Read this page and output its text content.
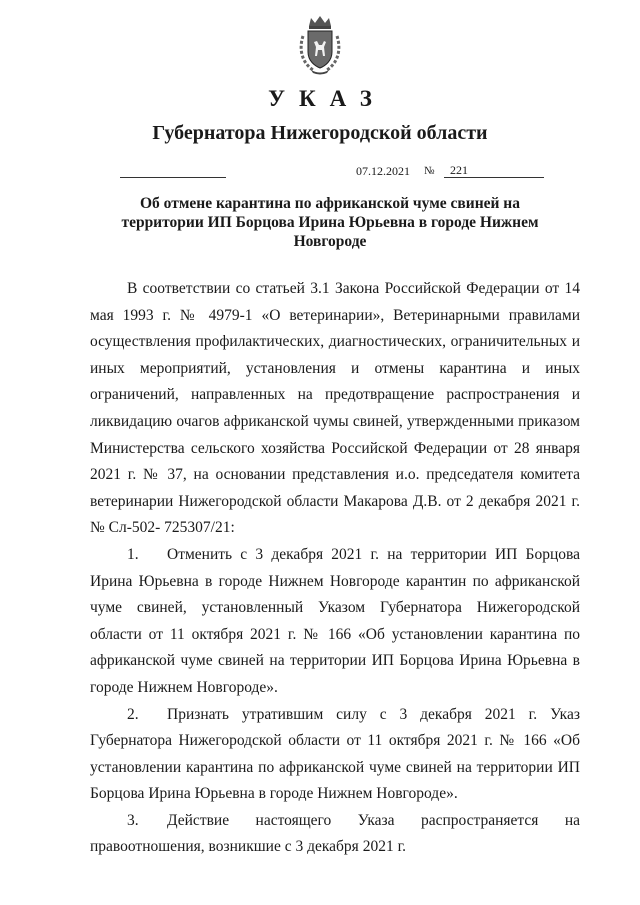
УКАЗ
Губернатора Нижегородской области
07.12.2021 № 221
Об отмене карантина по африканской чуме свиней на территории ИП Борцова Ирина Юрьевна в городе Нижнем Новгороде

В соответствии со статьей 3.1 Закона Российской Федерации от 14 мая 1993 г. № 4979-1 «О ветеринарии», Ветеринарными правилами осуществления профилактических, диагностических, ограничительных и иных мероприятий, установления и отмены карантина и иных ограничений, направленных на предотвращение распространения и ликвидацию очагов африканской чумы свиней, утвержденными приказом Министерства сельского хозяйства Российской Федерации от 28 января 2021 г. № 37, на основании представления и.о. председателя комитета ветеринарии Нижегородской области Макарова Д.В. от 2 декабря 2021 г. № Сл-502- 725307/21:

1. Отменить с 3 декабря 2021 г. на территории ИП Борцова Ирина Юрьевна в городе Нижнем Новгороде карантин по африканской чуме свиней, установленный Указом Губернатора Нижегородской области от 11 октября 2021 г. № 166 «Об установлении карантина по африканской чуме свиней на территории ИП Борцова Ирина Юрьевна в городе Нижнем Новгороде».

2. Признать утратившим силу с 3 декабря 2021 г. Указ Губернатора Нижегородской области от 11 октября 2021 г. № 166 «Об установлении карантина по африканской чуме свиней на территории ИП Борцова Ирина Юрьевна в городе Нижнем Новгороде».

3. Действие настоящего Указа распространяется на правоотношения, возникшие с 3 декабря 2021 г.
